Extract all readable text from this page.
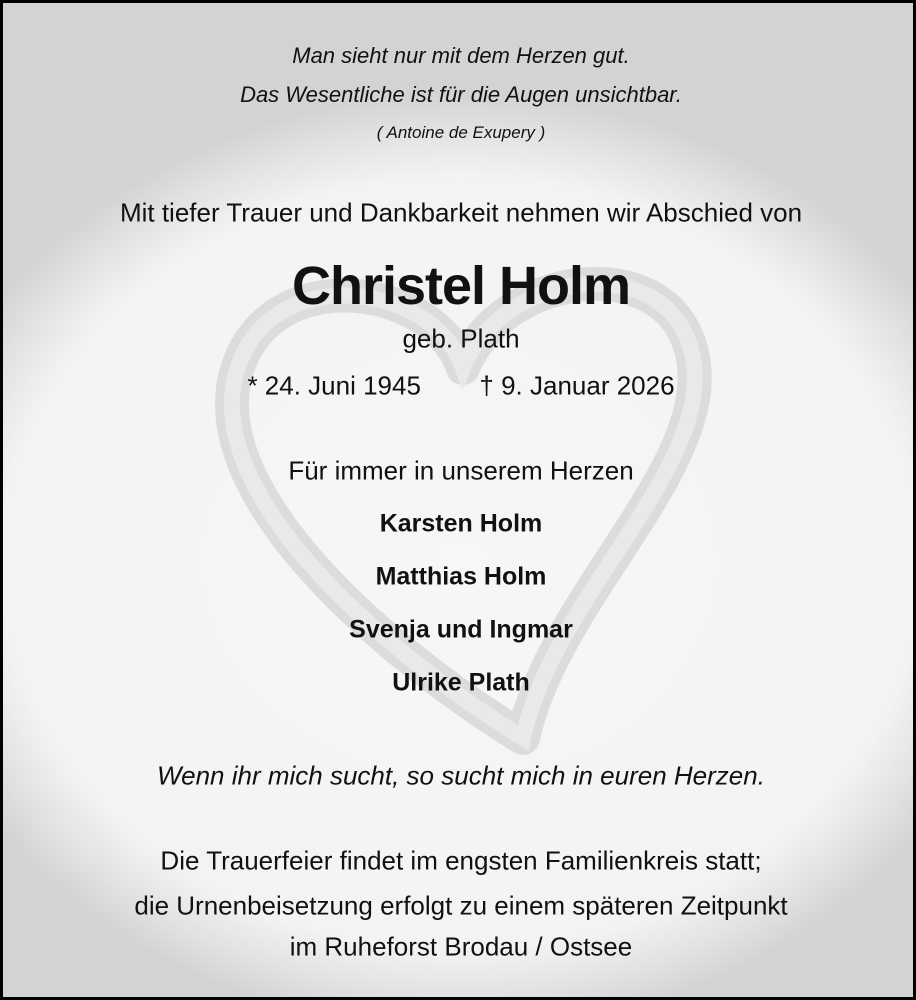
Man sieht nur mit dem Herzen gut.
Das Wesentliche ist für die Augen unsichtbar.
( Antoine de Exupery )
Mit tiefer Trauer und Dankbarkeit nehmen wir Abschied von
Christel Holm
geb. Plath
* 24. Juni 1945 † 9. Januar 2026
Für immer in unserem Herzen
Karsten Holm
Matthias Holm
Svenja und Ingmar
Ulrike Plath
Wenn ihr mich sucht, so sucht mich in euren Herzen.
Die Trauerfeier findet im engsten Familienkreis statt;
die Urnenbeisetzung erfolgt zu einem späteren Zeitpunkt
im Ruheforst Brodau / Ostsee
